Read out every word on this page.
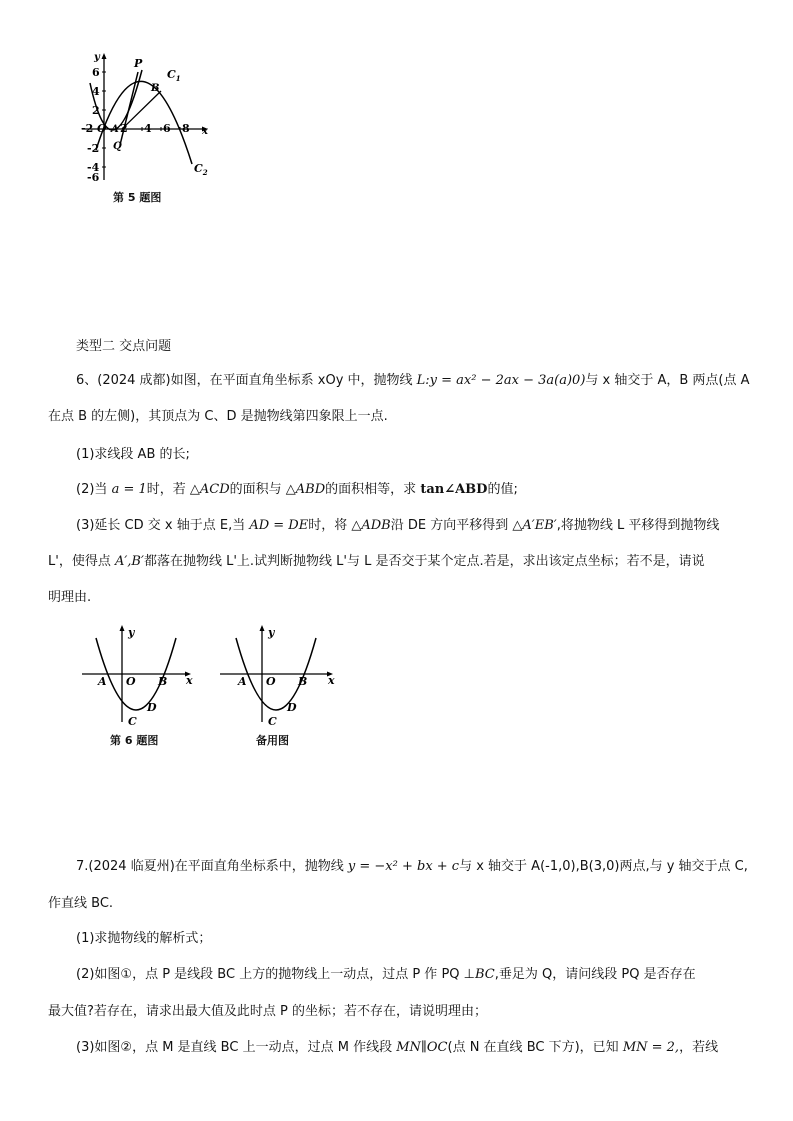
y
x
6
4
2
-2
-4
-6
-2 O A 2 4 6 8
P
B
Q
$C_1$
$C_2$
第 5 题图
类型二 交点问题
6、(2024 成都)如图，在平面直角坐标系 xOy 中，抛物线 L:y = ax² − 2ax − 3a(a)0)与 x 轴交于 A，B 两点(点 A
在点 B 的左侧)，其顶点为 C、D 是抛物线第四象限上一点.
(1)求线段 AB 的长;
(2)当 a = 1时，若 △ACD的面积与 △ABD的面积相等，求 tan∠ABD的值;
(3)延长 CD 交 x 轴于点 E,当 AD = DE时，将 △ADB沿 DE 方向平移得到 △A′EB′,将抛物线 L 平移得到抛物线
L'，使得点 A′,B′都落在抛物线 L'上.试判断抛物线 L'与 L 是否交于某个定点.若是，求出该定点坐标；若不是，请说
明理由.
y
x
A O B
D
C
第 6 题图
y
x
A O B
D
C
备用图
7.(2024 临夏州)在平面直角坐标系中，抛物线 y = −x² + bx + c与 x 轴交于 A(-1,0),B(3,0)两点,与 y 轴交于点 C,
作直线 BC.
(1)求抛物线的解析式；
(2)如图①，点 P 是线段 BC 上方的抛物线上一动点，过点 P 作 PQ ⊥BC,垂足为 Q，请问线段 PQ 是否存在
最大值?若存在，请求出最大值及此时点 P 的坐标；若不存在，请说明理由；
(3)如图②，点 M 是直线 BC 上一动点，过点 M 作线段 MN∥OC(点 N 在直线 BC 下方)，已知 MN = 2,，若线
